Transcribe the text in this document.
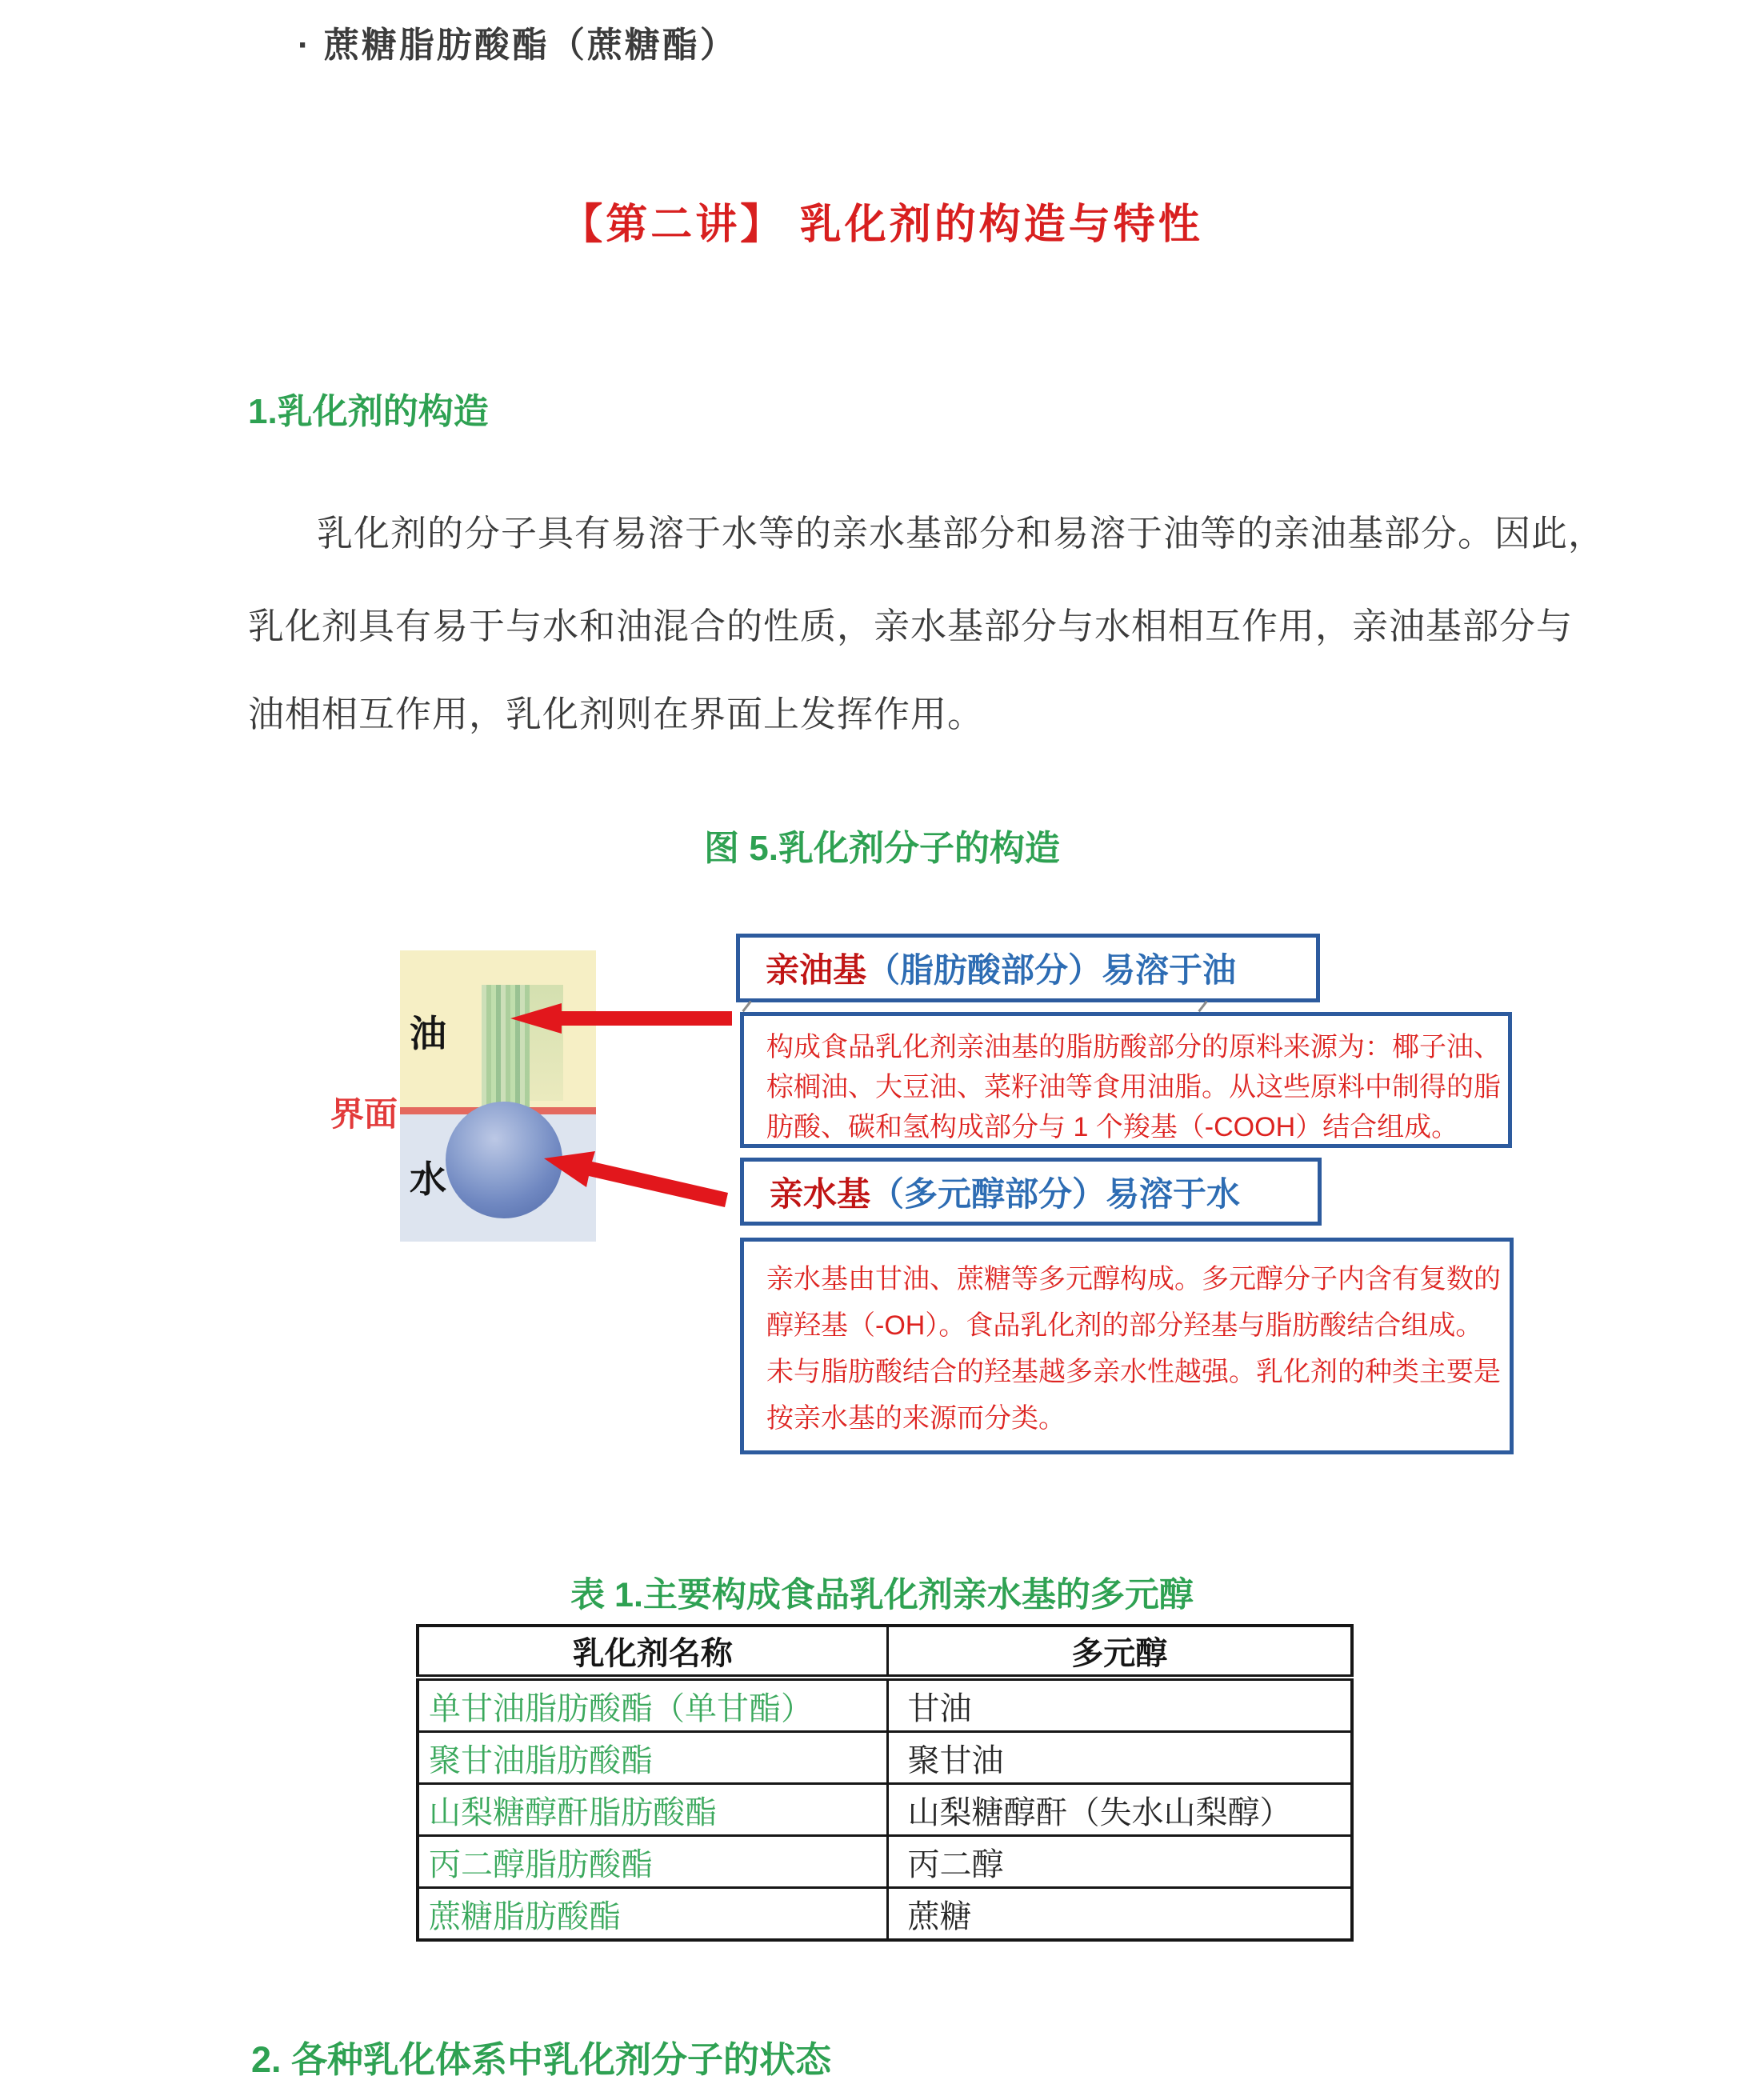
· 蔗糖脂肪酸酯（蔗糖酯）
【第二讲】 乳化剂的构造与特性
1.乳化剂的构造
乳化剂的分子具有易溶于水等的亲水基部分和易溶于油等的亲油基部分。因此，
乳化剂具有易于与水和油混合的性质，亲水基部分与水相相互作用，亲油基部分与
油相相互作用，乳化剂则在界面上发挥作用。
图 5.乳化剂分子的构造
油
水
界面
亲油基 （脂肪酸部分）易溶于油
构成食品乳化剂亲油基的脂肪酸部分的原料来源为：椰子油、
棕榈油、大豆油、菜籽油等食用油脂。从这些原料中制得的脂
肪酸、碳和氢构成部分与 1 个羧基（-COOH）结合组成。
亲水基 （多元醇部分）易溶于水
亲水基由甘油、蔗糖等多元醇构成。多元醇分子内含有复数的
醇羟基（-OH）。食品乳化剂的部分羟基与脂肪酸结合组成。
未与脂肪酸结合的羟基越多亲水性越强。乳化剂的种类主要是
按亲水基的来源而分类。
表 1.主要构成食品乳化剂亲水基的多元醇
乳化剂名称	多元醇
单甘油脂肪酸酯（单甘酯）	甘油
聚甘油脂肪酸酯	聚甘油
山梨糖醇酐脂肪酸酯	山梨糖醇酐（失水山梨醇）
丙二醇脂肪酸酯	丙二醇
蔗糖脂肪酸酯	蔗糖
2. 各种乳化体系中乳化剂分子的状态
